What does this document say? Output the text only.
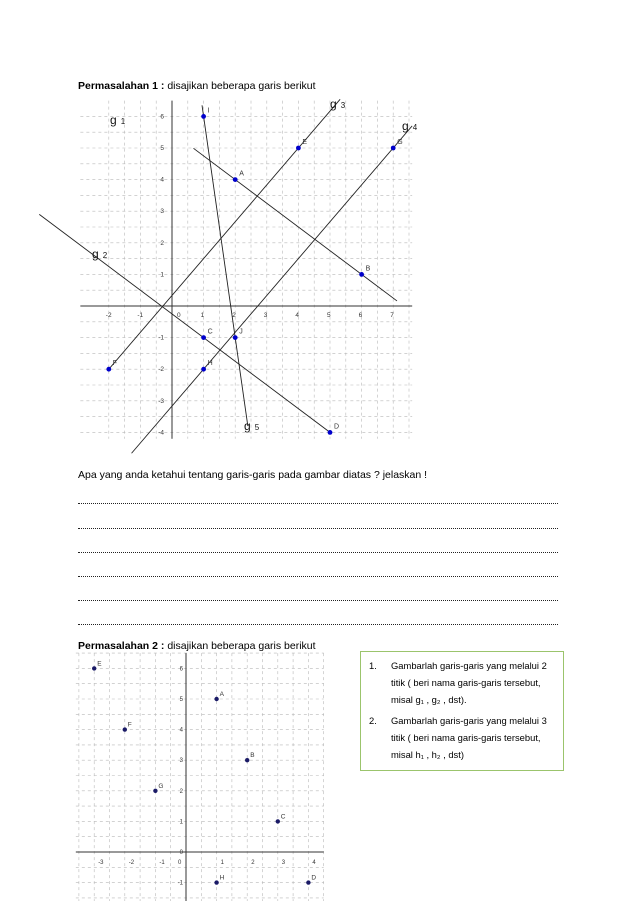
Permasalahan 1 : disajikan beberapa garis berikut
-2	-1	0	1	2	3	4	5	6	7
6
5
4
3
2
1
-1
-2
-3
-4
A
B
C
D
E
F
G
H
I
J
g 1
g 2
g 3
g 4
g 5
Apa yang anda ketahui tentang garis-garis pada gambar diatas ? jelaskan !
Permasalahan 2 : disajikan beberapa garis berikut
-3	-2	-1 0	1	2	3	4
6
5
4
3
2
1
0
-1
A
B
C
D
E
F
G
H
1.	Gambarlah garis-garis yang melalui 2 titik ( beri nama garis-garis tersebut, misal g₁ , g₂ , dst).
2.	Gambarlah garis-garis yang melalui 3 titik ( beri nama garis-garis tersebut, misal h₁ , h₂ , dst)
